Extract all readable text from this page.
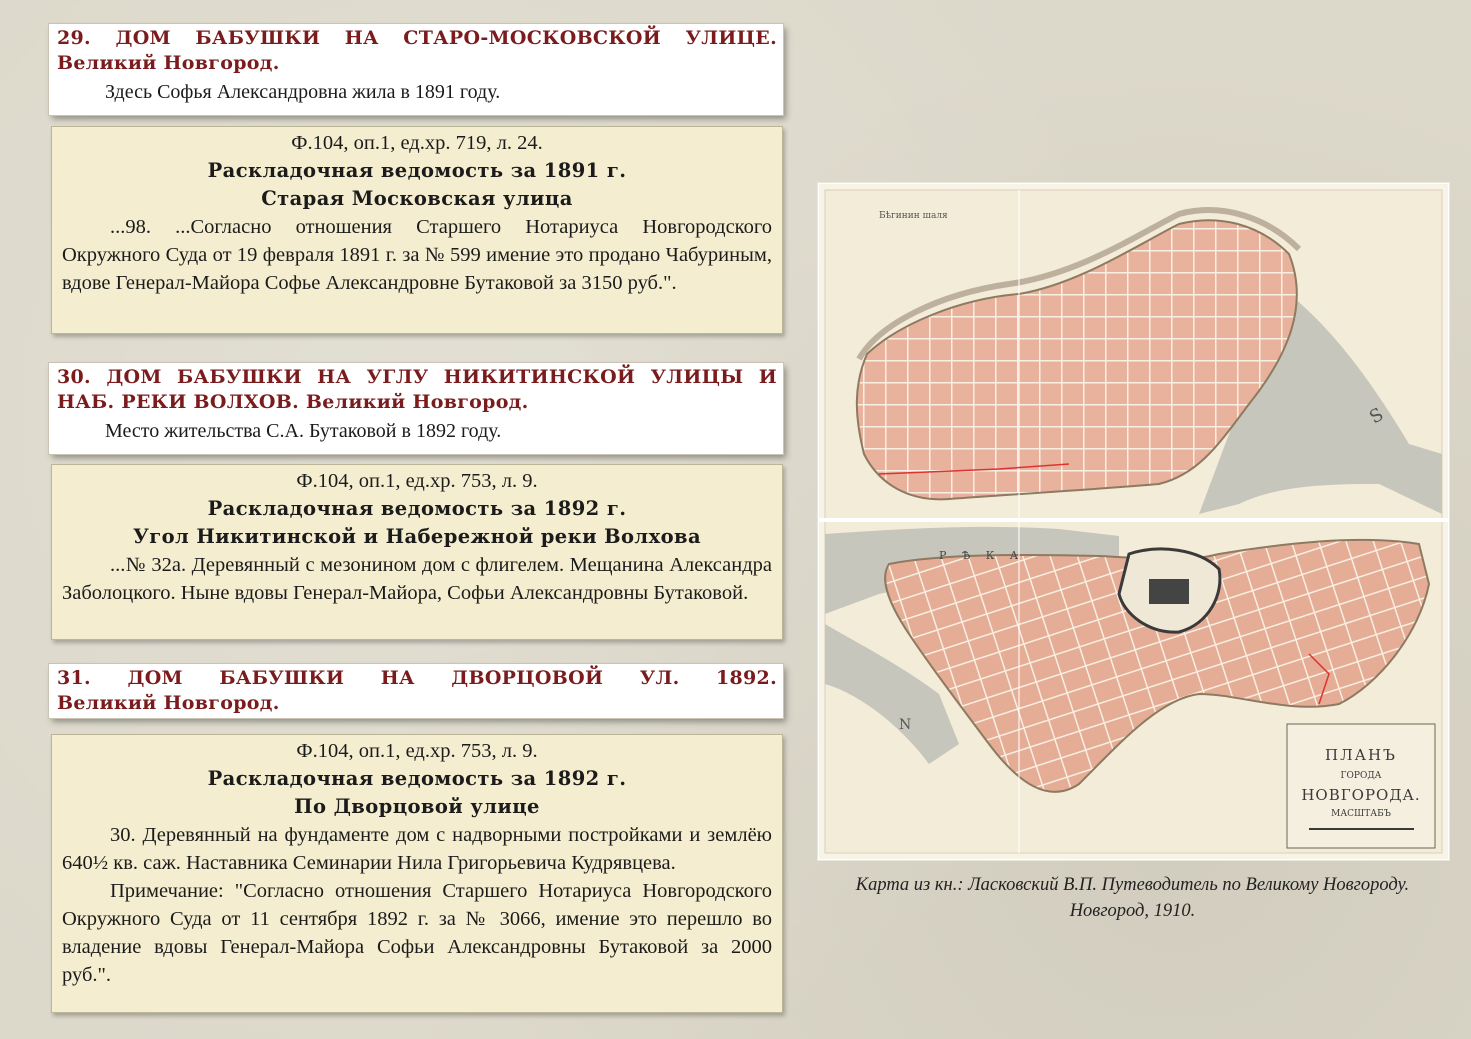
29. ДОМ БАБУШКИ НА СТАРО-МОСКОВСКОЙ УЛИЦЕ. Великий Новгород.
Здесь Софья Александровна жила в 1891 году.
Ф.104, оп.1, ед.хр. 719, л. 24.
Раскладочная ведомость за 1891 г.
Старая Московская улица
...98. ...Согласно отношения Старшего Нотариуса Новгородского Окружного Суда от 19 февраля 1891 г. за № 599 имение это продано Чабуриным, вдове Генерал-Майора Софье Александровне Бутаковой за 3150 руб.".
30. ДОМ БАБУШКИ НА УГЛУ НИКИТИНСКОЙ УЛИЦЫ И НАБ. РЕКИ ВОЛХОВ. Великий Новгород.
Место жительства С.А. Бутаковой в 1892 году.
Ф.104, оп.1, ед.хр. 753, л. 9.
Раскладочная ведомость за 1892 г.
Угол Никитинской и Набережной реки Волхова
...№ 32а. Деревянный с мезонином дом с флигелем. Мещанина Александра Заболоцкого. Ныне вдовы Генерал-Майора, Софьи Александровны Бутаковой.
31. ДОМ БАБУШКИ НА ДВОРЦОВОЙ УЛ. 1892. Великий Новгород.
Ф.104, оп.1, ед.хр. 753, л. 9.
Раскладочная ведомость за 1892 г.
По Дворцовой улице
30. Деревянный на фундаменте дом с надворными постройками и землёю 640½ кв. саж. Наставника Семинарии Нила Григорьевича Кудрявцева.
Примечание: "Согласно отношения Старшего Нотариуса Новгородского Окружного Суда от 11 сентября 1892 г. за № 3066, имение это перешло во владение вдовы Генерал-Майора Софьи Александровны Бутаковой за 2000 руб.".
Р Ѣ К А
Бѣгинин шаля
ПЛАНЪ
ГОРОДА
НОВГОРОДА.
МАСШТАБЪ
S
N
Карта из кн.: Ласковский В.П. Путеводитель по Великому Новгороду.
Новгород, 1910.
